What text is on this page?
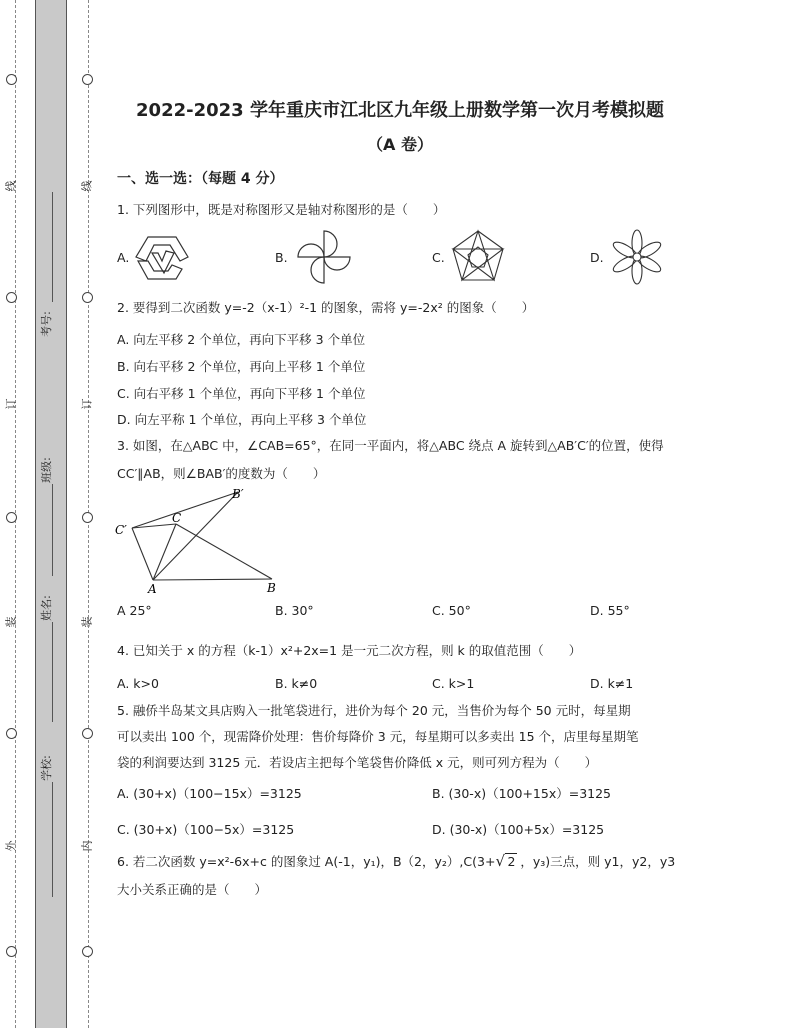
线
订
装
外
线
订
装
内
考号:
班级:
姓名:
学校:
2022-2023 学年重庆市江北区九年级上册数学第一次月考模拟题
（A 卷）
一、选一选：（每题 4 分）
1. 下列图形中，既是对称图形又是轴对称图形的是（　　）
A.	B.	C.	D.
2. 要得到二次函数 y=-2（x-1）²-1 的图象，需将 y=-2x² 的图象（　　）
A. 向左平移 2 个单位，再向下平移 3 个单位
B. 向右平移 2 个单位，再向上平移 1 个单位
C. 向右平移 1 个单位，再向下平移 1 个单位
D. 向左平称 1 个单位，再向上平移 3 个单位
3. 如图，在△ABC 中，∠CAB=65°，在同一平面内，将△ABC 绕点 A 旋转到△AB′C′的位置，使得
CC′∥AB，则∠BAB′的度数为（　　）
A	B
C
B′
C′
A 25°	B. 30°	C. 50°	D. 55°
4. 已知关于 x 的方程（k-1）x²+2x=1 是一元二次方程，则 k 的取值范围（　　）
A. k>0	B. k≠0	C. k>1	D. k≠1
5. 融侨半岛某文具店购入一批笔袋进行，进价为每个 20 元，当售价为每个 50 元时，每星期
可以卖出 100 个，现需降价处理：售价每降价 3 元，每星期可以多卖出 15 个，店里每星期笔
袋的利润要达到 3125 元．若设店主把每个笔袋售价降低 x 元，则可列方程为（　　）
A. (30+x)（100−15x）=3125	B. (30-x)（100+15x）=3125
C. (30+x)（100−5x）=3125	D. (30-x)（100+5x）=3125
6. 若二次函数 y=x²-6x+c 的图象过 A(-1，y₁)，B（2，y₂）,C(3+ √ 2 ，y₃)三点，则 y1，y2，y3
大小关系正确的是（　　）
